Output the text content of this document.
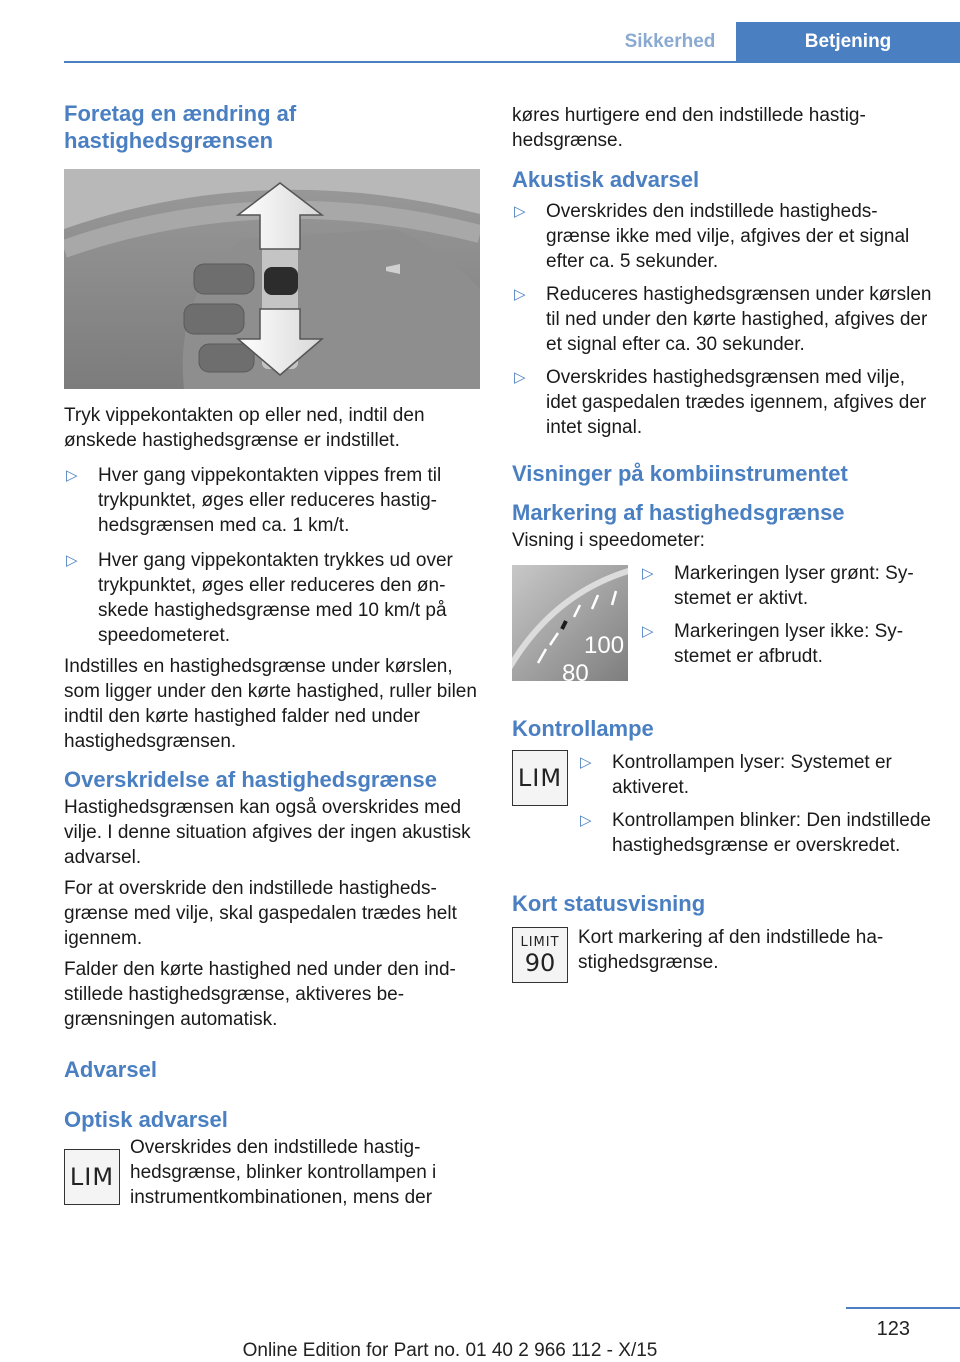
Sikkerhed	Betjening
Foretag en ændring af hastighedsgrænsen
Tryk vippekontakten op eller ned, indtil den ønskede hastighedsgrænse er indstillet.
▷	Hver gang vippekontakten vippes frem til trykpunktet, øges eller reduceres hastighedsgrænsen med ca. 1 km/t.
▷	Hver gang vippekontakten trykkes ud over trykpunktet, øges eller reduceres den ønskede hastighedsgrænse med 10 km/t på speedometeret.
Indstilles en hastighedsgrænse under kørslen, som ligger under den kørte hastighed, ruller bilen indtil den kørte hastighed falder ned under hastighedsgrænsen.
Overskridelse af hastighedsgrænse
Hastighedsgrænsen kan også overskrides med vilje. I denne situation afgives der ingen akustisk advarsel.
For at overskride den indstillede hastighedsgrænse med vilje, skal gaspedalen trædes helt igennem.
Falder den kørte hastighed ned under den indstillede hastighedsgrænse, aktiveres begrænsningen automatisk.
Advarsel
Optisk advarsel
LIM
Overskrides den indstillede hastighedsgrænse, blinker kontrollampen i instrumentkombinationen, mens der
køres hurtigere end den indstillede hastighedsgrænse.
Akustisk advarsel
▷	Overskrides den indstillede hastighedsgrænse ikke med vilje, afgives der et signal efter ca. 5 sekunder.
▷	Reduceres hastighedsgrænsen under kørslen til ned under den kørte hastighed, afgives der et signal efter ca. 30 sekunder.
▷	Overskrides hastighedsgrænsen med vilje, idet gaspedalen trædes igennem, afgives der intet signal.
Visninger på kombiinstrumentet
Markering af hastighedsgrænse
Visning i speedometer:
100
80
▷	Markeringen lyser grønt: Systemet er aktivt.
▷	Markeringen lyser ikke: Systemet er afbrudt.
Kontrollampe
LIM
▷	Kontrollampen lyser: Systemet er aktiveret.
▷	Kontrollampen blinker: Den indstillede hastighedsgrænse er overskredet.
Kort statusvisning
LIMIT
90
Kort markering af den indstillede hastighedsgrænse.
123
Online Edition for Part no. 01 40 2 966 112 - X/15
